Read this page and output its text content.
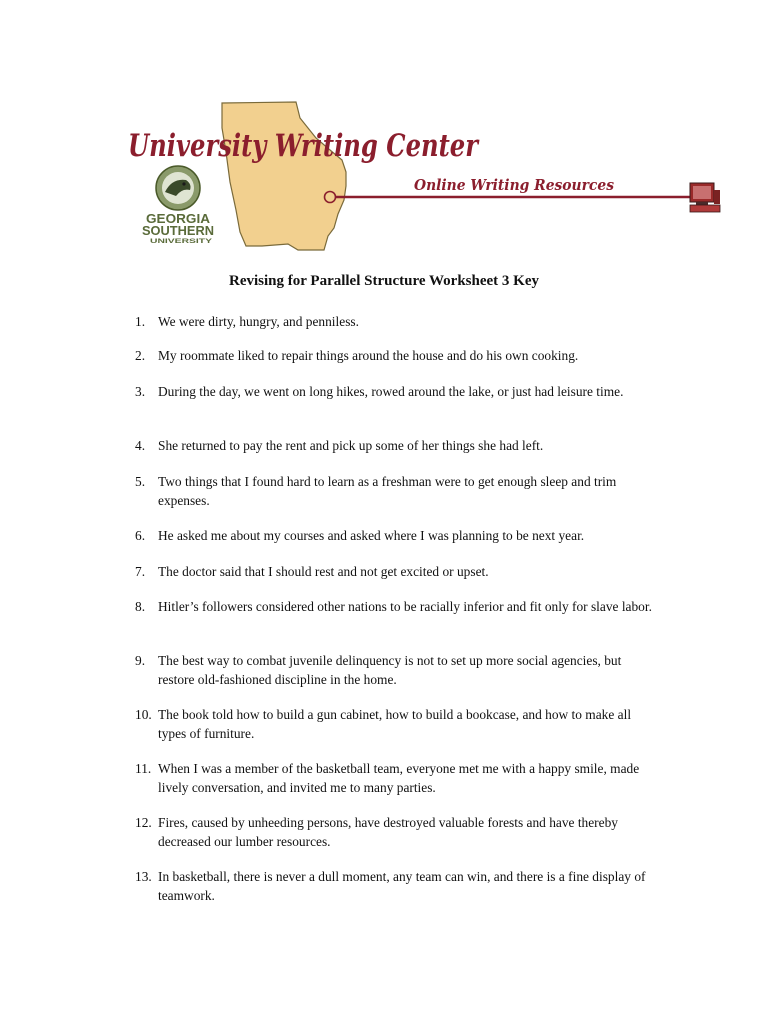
University Writing Center
Online Writing Resources
GEORGIA
SOUTHERN
UNIVERSITY
Revising for Parallel Structure Worksheet 3 Key
1. We were dirty, hungry, and penniless.
2. My roommate liked to repair things around the house and do his own cooking.
3. During the day, we went on long hikes, rowed around the lake, or just had leisure time.
4. She returned to pay the rent and pick up some of her things she had left.
5. Two things that I found hard to learn as a freshman were to get enough sleep and trim expenses.
6. He asked me about my courses and asked where I was planning to be next year.
7. The doctor said that I should rest and not get excited or upset.
8. Hitler’s followers considered other nations to be racially inferior and fit only for slave labor.
9. The best way to combat juvenile delinquency is not to set up more social agencies, but restore old-fashioned discipline in the home.
10. The book told how to build a gun cabinet, how to build a bookcase, and how to make all types of furniture.
11. When I was a member of the basketball team, everyone met me with a happy smile, made lively conversation, and invited me to many parties.
12. Fires, caused by unheeding persons, have destroyed valuable forests and have thereby decreased our lumber resources.
13. In basketball, there is never a dull moment, any team can win, and there is a fine display of teamwork.
